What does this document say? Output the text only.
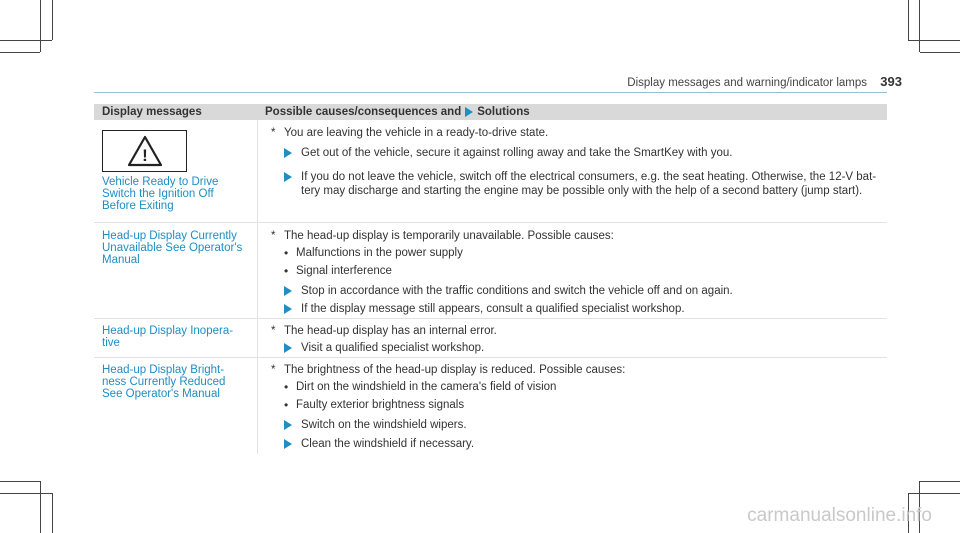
Display messages and warning/indicator lamps 393
Display messages	Possible causes/consequences and Solutions
!
Vehicle Ready to Drive
Switch the Ignition Off
Before Exiting
* You are leaving the vehicle in a ready-to-drive state.
Get out of the vehicle, secure it against rolling away and take the SmartKey with you.
If you do not leave the vehicle, switch off the electrical consumers, e.g. the seat heating. Otherwise, the 12-V bat-
tery may discharge and starting the engine may be possible only with the help of a second battery (jump start).
Head-up Display Currently
Unavailable See Operator's
Manual
* The head-up display is temporarily unavailable. Possible causes:
• Malfunctions in the power supply
• Signal interference
Stop in accordance with the traffic conditions and switch the vehicle off and on again.
If the display message still appears, consult a qualified specialist workshop.
Head-up Display Inopera-
tive
* The head-up display has an internal error.
Visit a qualified specialist workshop.
Head-up Display Bright-
ness Currently Reduced
See Operator's Manual
* The brightness of the head-up display is reduced. Possible causes:
• Dirt on the windshield in the camera's field of vision
• Faulty exterior brightness signals
Switch on the windshield wipers.
Clean the windshield if necessary.
carmanualsonline.info
